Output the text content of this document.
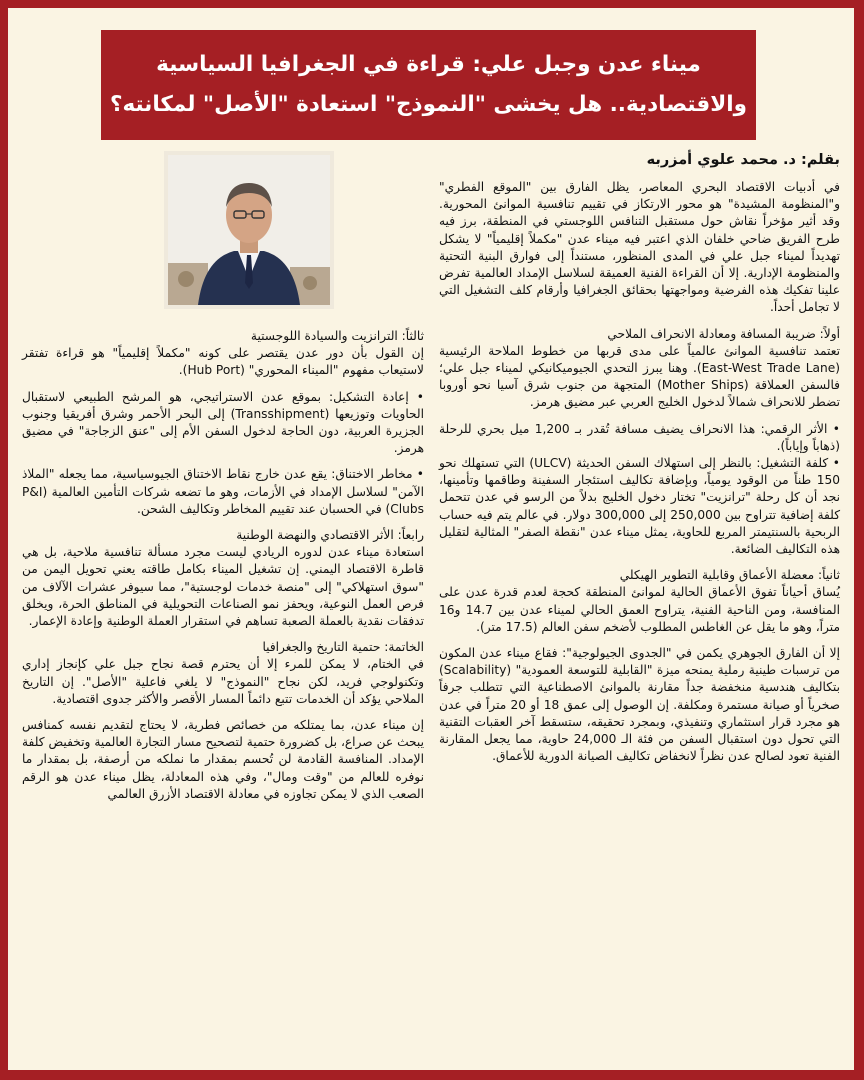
ميناء عدن وجبل علي: قراءة في الجغرافيا السياسية
والاقتصادية.. هل يخشى "النموذج" استعادة "الأصل" لمكانته؟

بقلم: د. محمد علوي أمزربه

في أدبيات الاقتصاد البحري المعاصر، يظل الفارق بين "الموقع الفطري" و"المنظومة المشيدة" هو محور الارتكاز في تقييم تنافسية الموانئ المحورية. وقد أثير مؤخراً نقاش حول مستقبل التنافس اللوجستي في المنطقة، برز فيه طرح الفريق ضاحي خلفان الذي اعتبر فيه ميناء عدن "مكملاً إقليمياً" لا يشكل تهديداً لميناء جبل علي في المدى المنظور، مستنداً إلى فوارق البنية التحتية والمنظومة الإدارية. إلا أن القراءة الفنية العميقة لسلاسل الإمداد العالمية تفرض علينا تفكيك هذه الفرضية ومواجهتها بحقائق الجغرافيا وأرقام كلف التشغيل التي لا تجامل أحداً.

أولاً: ضريبة المسافة ومعادلة الانحراف الملاحي

تعتمد تنافسية الموانئ عالمياً على مدى قربها من خطوط الملاحة الرئيسية (East-West Trade Lane). وهنا يبرز التحدي الجيوميكانيكي لميناء جبل علي؛ فالسفن العملاقة (Mother Ships) المتجهة من جنوب شرق آسيا نحو أوروبا تضطر للانحراف شمالاً لدخول الخليج العربي عبر مضيق هرمز.

• الأثر الرقمي: هذا الانحراف يضيف مسافة تُقدر بـ 1,200 ميل بحري للرحلة (ذهاباً وإياباً).

• كلفة التشغيل: بالنظر إلى استهلاك السفن الحديثة (ULCV) التي تستهلك نحو 150 طناً من الوقود يومياً، وبإضافة تكاليف استئجار السفينة وطاقمها وتأمينها، نجد أن كل رحلة "ترانزيت" تختار دخول الخليج بدلاً من الرسو في عدن تتحمل كلفة إضافية تتراوح بين 250,000 إلى 300,000 دولار. في عالم يتم فيه حساب الربحية بالسنتيمتر المربع للحاوية، يمثل ميناء عدن "نقطة الصفر" المثالية لتقليل هذه التكاليف الضائعة.

ثانياً: معضلة الأعماق وقابلية التطوير الهيكلي

يُساق أحياناً تفوق الأعماق الحالية لموانئ المنطقة كحجة لعدم قدرة عدن على المنافسة، ومن الناحية الفنية، يتراوح العمق الحالي لميناء عدن بين 14.7 و16 متراً، وهو ما يقل عن الغاطس المطلوب لأضخم سفن العالم (17.5 متر).

إلا أن الفارق الجوهري يكمن في "الجدوى الجيولوجية": فقاع ميناء عدن المكون من ترسبات طينية رملية يمنحه ميزة "القابلية للتوسعة العمودية" (Scalability) بتكاليف هندسية منخفضة جداً مقارنة بالموانئ الاصطناعية التي تتطلب جرفاً صخرياً أو صيانة مستمرة ومكلفة. إن الوصول إلى عمق 18 أو 20 متراً في عدن هو مجرد قرار استثماري وتنفيذي، وبمجرد تحقيقه، ستسقط آخر العقبات التقنية التي تحول دون استقبال السفن من فئة الـ 24,000 حاوية، مما يجعل المقارنة الفنية تعود لصالح عدن نظراً لانخفاض تكاليف الصيانة الدورية للأعماق.

ثالثاً: الترانزيت والسيادة اللوجستية

إن القول بأن دور عدن يقتصر على كونه "مكملاً إقليمياً" هو قراءة تفتقر لاستيعاب مفهوم "الميناء المحوري" (Hub Port).

• إعادة التشكيل: بموقع عدن الاستراتيجي، هو المرشح الطبيعي لاستقبال الحاويات وتوزيعها (Transshipment) إلى البحر الأحمر وشرق أفريقيا وجنوب الجزيرة العربية، دون الحاجة لدخول السفن الأم إلى "عنق الزجاجة" في مضيق هرمز.

• مخاطر الاختناق: يقع عدن خارج نقاط الاختناق الجيوسياسية، مما يجعله "الملاذ الآمن" لسلاسل الإمداد في الأزمات، وهو ما تضعه شركات التأمين العالمية (P&I Clubs) في الحسبان عند تقييم المخاطر وتكاليف الشحن.

رابعاً: الأثر الاقتصادي والنهضة الوطنية

استعادة ميناء عدن لدوره الريادي ليست مجرد مسألة تنافسية ملاحية، بل هي قاطرة الاقتصاد اليمني. إن تشغيل الميناء بكامل طاقته يعني تحويل اليمن من "سوق استهلاكي" إلى "منصة خدمات لوجستية"، مما سيوفر عشرات الآلاف من فرص العمل النوعية، ويحفز نمو الصناعات التحويلية في المناطق الحرة، ويخلق تدفقات نقدية بالعملة الصعبة تساهم في استقرار العملة الوطنية وإعادة الإعمار.

الخاتمة: حتمية التاريخ والجغرافيا

في الختام، لا يمكن للمرء إلا أن يحترم قصة نجاح جبل علي كإنجاز إداري وتكنولوجي فريد، لكن نجاح "النموذج" لا يلغي فاعلية "الأصل". إن التاريخ الملاحي يؤكد أن الخدمات تتبع دائماً المسار الأقصر والأكثر جدوى اقتصادية.

إن ميناء عدن، بما يمتلكه من خصائص فطرية، لا يحتاج لتقديم نفسه كمنافس يبحث عن صراع، بل كضرورة حتمية لتصحيح مسار التجارة العالمية وتخفيض كلفة الإمداد. المنافسة القادمة لن تُحسم بمقدار ما نملكه من أرصفة، بل بمقدار ما نوفره للعالم من "وقت ومال"، وفي هذه المعادلة، يظل ميناء عدن هو الرقم الصعب الذي لا يمكن تجاوزه في معادلة الاقتصاد الأزرق العالمي
